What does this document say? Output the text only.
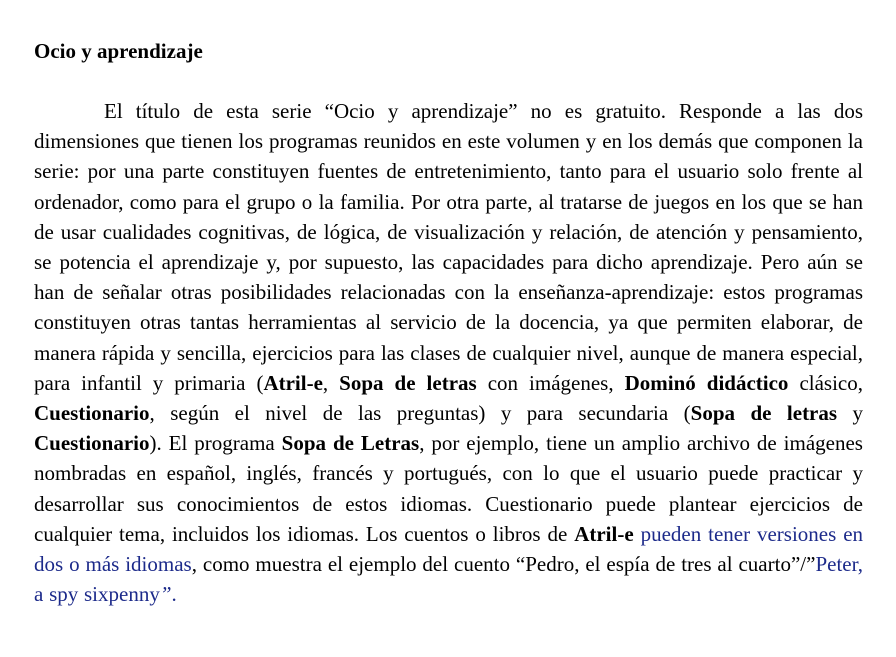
Ocio y aprendizaje

El título de esta serie “Ocio y aprendizaje” no es gratuito. Responde a las dos dimensiones que tienen los programas reunidos en este volumen y en los demás que componen la serie: por una parte constituyen fuentes de entretenimiento, tanto para el usuario solo frente al ordenador, como para el grupo o la familia. Por otra parte, al tratarse de juegos en los que se han de usar cualidades cognitivas, de lógica, de visualización y relación, de atención y pensamiento, se potencia el aprendizaje y, por supuesto, las capacidades para dicho aprendizaje. Pero aún se han de señalar otras posibilidades relacionadas con la enseñanza-aprendizaje: estos programas constituyen otras tantas herramientas al servicio de la docencia, ya que permiten elaborar, de manera rápida y sencilla, ejercicios para las clases de cualquier nivel, aunque de manera especial, para infantil y primaria (Atril-e, Sopa de letras con imágenes, Dominó didáctico clásico, Cuestionario, según el nivel de las preguntas) y para secundaria (Sopa de letras y Cuestionario). El programa Sopa de Letras, por ejemplo, tiene un amplio archivo de imágenes nombradas en español, inglés, francés y portugués, con lo que el usuario puede practicar y desarrollar sus conocimientos de estos idiomas. Cuestionario puede plantear ejercicios de cualquier tema, incluidos los idiomas. Los cuentos o libros de Atril-e pueden tener versiones en dos o más idiomas, como muestra el ejemplo del cuento “Pedro, el espía de tres al cuarto”/”Peter, a spy sixpenny”.
